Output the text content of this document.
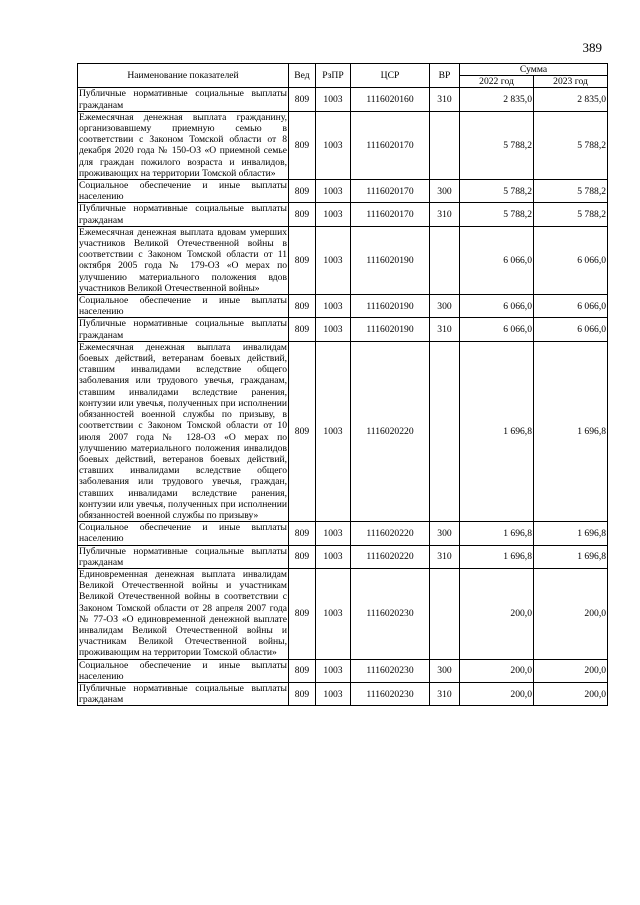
389
Наименование показателей	Вед	РзПР	ЦСР	ВР	Сумма	
					2022 год	2023 год
Публичные нормативные социальные выплаты гражданам	809	1003	1116020160	310	2 835,0	2 835,0
Ежемесячная денежная выплата гражданину, организовавшему приемную семью в соответствии с Законом Томской области от 8 декабря 2020 года № 150-ОЗ «О приемной семье для граждан пожилого возраста и инвалидов, проживающих на территории Томской области»	809	1003	1116020170		5 788,2	5 788,2
Социальное обеспечение и иные выплаты населению	809	1003	1116020170	300	5 788,2	5 788,2
Публичные нормативные социальные выплаты гражданам	809	1003	1116020170	310	5 788,2	5 788,2
Ежемесячная денежная выплата вдовам умерших участников Великой Отечественной войны в соответствии с Законом Томской области от 11 октября 2005 года № 179-ОЗ «О мерах по улучшению материального положения вдов участников Великой Отечественной войны»	809	1003	1116020190		6 066,0	6 066,0
Социальное обеспечение и иные выплаты населению	809	1003	1116020190	300	6 066,0	6 066,0
Публичные нормативные социальные выплаты гражданам	809	1003	1116020190	310	6 066,0	6 066,0
Ежемесячная денежная выплата инвалидам боевых действий, ветеранам боевых действий, ставшим инвалидами вследствие общего заболевания или трудового увечья, гражданам, ставшим инвалидами вследствие ранения, контузии или увечья, полученных при исполнении обязанностей военной службы по призыву, в соответствии с Законом Томской области от 10 июля 2007 года № 128-ОЗ «О мерах по улучшению материального положения инвалидов боевых действий, ветеранов боевых действий, ставших инвалидами вследствие общего заболевания или трудового увечья, граждан, ставших инвалидами вследствие ранения, контузии или увечья, полученных при исполнении обязанностей военной службы по призыву»	809	1003	1116020220		1 696,8	1 696,8
Социальное обеспечение и иные выплаты населению	809	1003	1116020220	300	1 696,8	1 696,8
Публичные нормативные социальные выплаты гражданам	809	1003	1116020220	310	1 696,8	1 696,8
Единовременная денежная выплата инвалидам Великой Отечественной войны и участникам Великой Отечественной войны в соответствии с Законом Томской области от 28 апреля 2007 года № 77-ОЗ «О единовременной денежной выплате инвалидам Великой Отечественной войны и участникам Великой Отечественной войны, проживающим на территории Томской области»	809	1003	1116020230		200,0	200,0
Социальное обеспечение и иные выплаты населению	809	1003	1116020230	300	200,0	200,0
Публичные нормативные социальные выплаты гражданам	809	1003	1116020230	310	200,0	200,0
